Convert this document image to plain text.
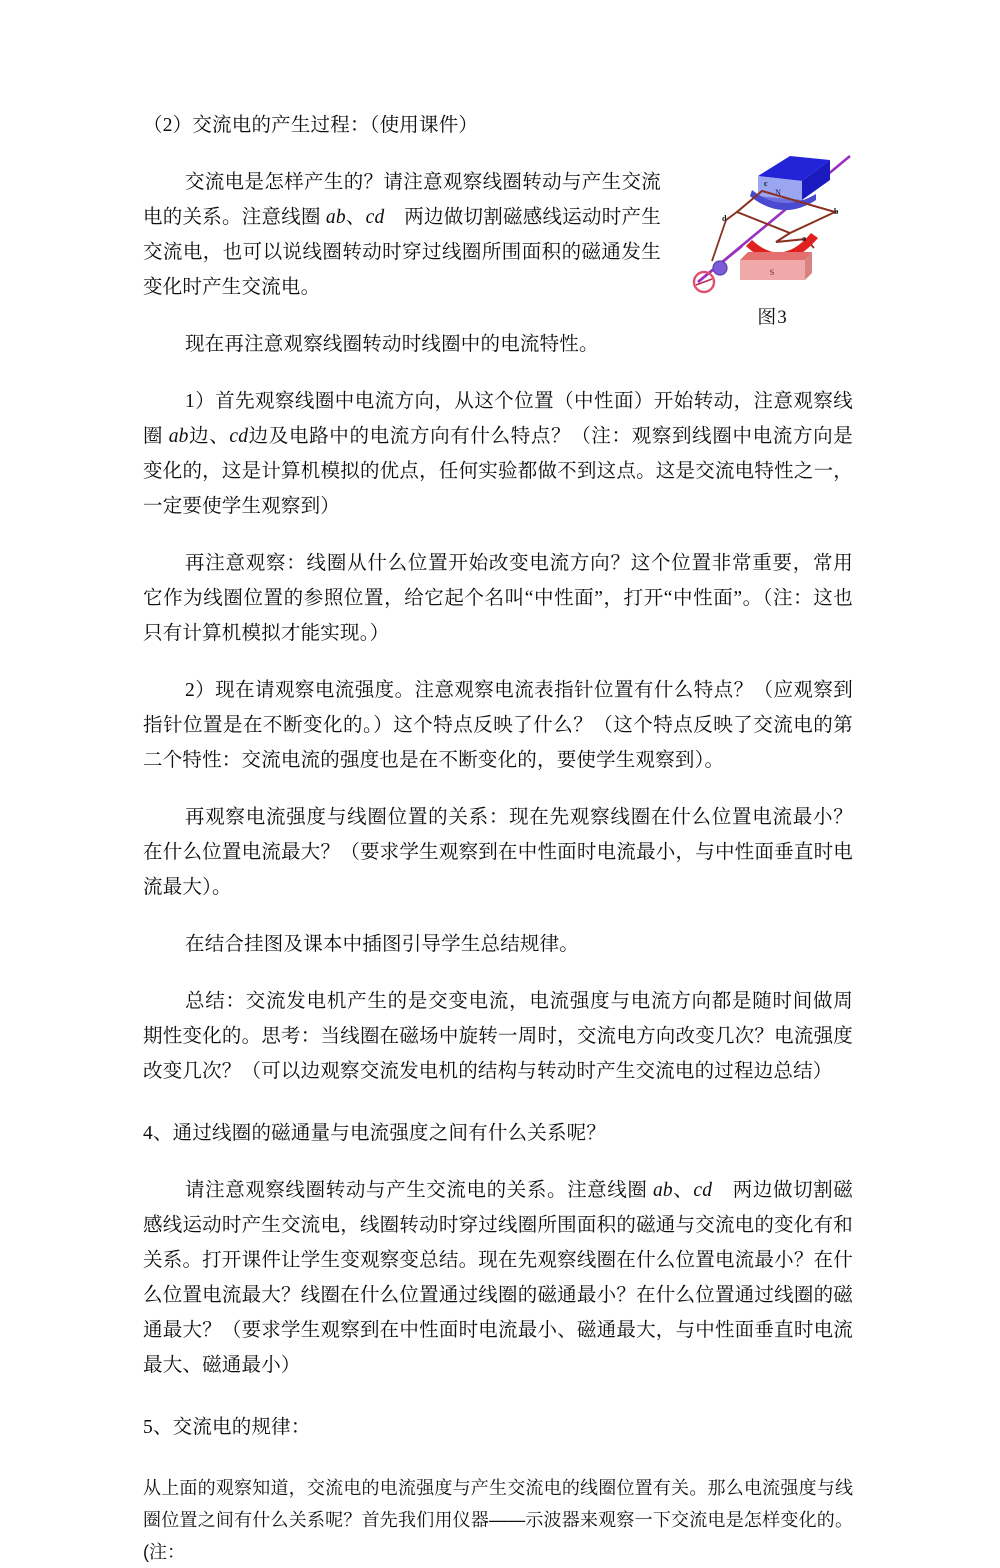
（2）交流电的产生过程：（使用课件）

交流电是怎样产生的？请注意观察线圈转动与产生交流电的关系。注意线圈 ab、cd　两边做切割磁感线运动时产生交流电，也可以说线圈转动时穿过线圈所围面积的磁通发生变化时产生交流电。

现在再注意观察线圈转动时线圈中的电流特性。

1）首先观察线圈中电流方向，从这个位置（中性面）开始转动，注意观察线圈 ab边、cd边及电路中的电流方向有什么特点？（注：观察到线圈中电流方向是变化的，这是计算机模拟的优点，任何实验都做不到这点。这是交流电特性之一，一定要使学生观察到）

再注意观察：线圈从什么位置开始改变电流方向？这个位置非常重要，常用它作为线圈位置的参照位置，给它起个名叫“中性面”，打开“中性面”。（注：这也只有计算机模拟才能实现。）

2）现在请观察电流强度。注意观察电流表指针位置有什么特点？（应观察到指针位置是在不断变化的。）这个特点反映了什么？（这个特点反映了交流电的第二个特性：交流电流的强度也是在不断变化的，要使学生观察到）。

再观察电流强度与线圈位置的关系：现在先观察线圈在什么位置电流最小？在什么位置电流最大？（要求学生观察到在中性面时电流最小，与中性面垂直时电流最大）。

在结合挂图及课本中插图引导学生总结规律。

总结：交流发电机产生的是交变电流，电流强度与电流方向都是随时间做周期性变化的。思考：当线圈在磁场中旋转一周时，交流电方向改变几次？电流强度改变几次？（可以边观察交流发电机的结构与转动时产生交流电的过程边总结）

4、通过线圈的磁通量与电流强度之间有什么关系呢？

请注意观察线圈转动与产生交流电的关系。注意线圈 ab、cd　两边做切割磁感线运动时产生交流电，线圈转动时穿过线圈所围面积的磁通与交流电的变化有和关系。打开课件让学生变观察变总结。现在先观察线圈在什么位置电流最小？在什么位置电流最大？线圈在什么位置通过线圈的磁通最小？在什么位置通过线圈的磁通最大？（要求学生观察到在中性面时电流最小、磁通最大，与中性面垂直时电流最大、磁通最小）

5、交流电的规律：

从上面的观察知道，交流电的电流强度与产生交流电的线圈位置有关。那么电流强度与线圈位置之间有什么关系呢？首先我们用仪器——示波器来观察一下交流电是怎样变化的。(注：

N
S
c
b
d
a
图3
